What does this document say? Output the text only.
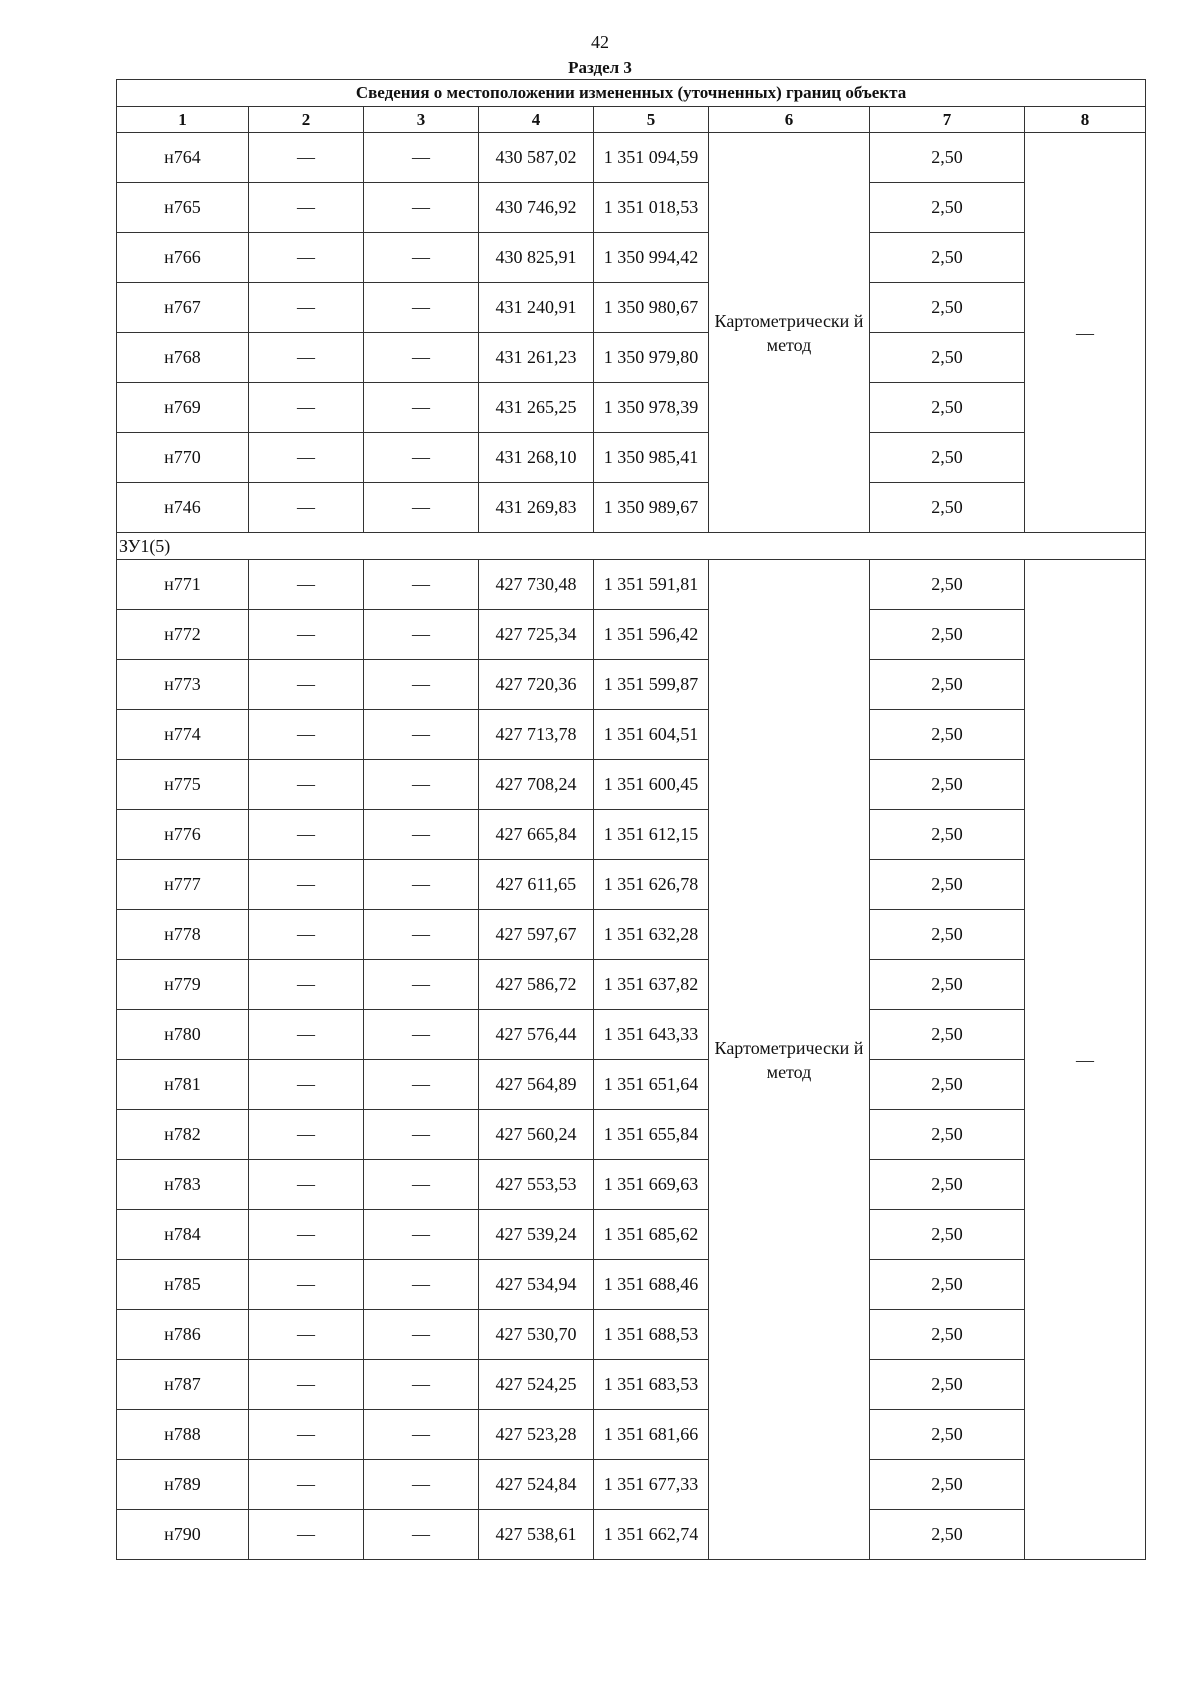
42
Раздел 3
Сведения о местоположении измененных (уточненных) границ объекта							
1	2	3	4	5	6	7	8
н764	—	—	430 587,02	1 351 094,59	Картометрически й метод	2,50	—
н765	—	—	430 746,92	1 351 018,53		2,50	
н766	—	—	430 825,91	1 350 994,42		2,50	
н767	—	—	431 240,91	1 350 980,67		2,50	
н768	—	—	431 261,23	1 350 979,80		2,50	
н769	—	—	431 265,25	1 350 978,39		2,50	
н770	—	—	431 268,10	1 350 985,41		2,50	
н746	—	—	431 269,83	1 350 989,67		2,50	
ЗУ1(5)							
н771	—	—	427 730,48	1 351 591,81	Картометрически й метод	2,50	—
н772	—	—	427 725,34	1 351 596,42		2,50	
н773	—	—	427 720,36	1 351 599,87		2,50	
н774	—	—	427 713,78	1 351 604,51		2,50	
н775	—	—	427 708,24	1 351 600,45		2,50	
н776	—	—	427 665,84	1 351 612,15		2,50	
н777	—	—	427 611,65	1 351 626,78		2,50	
н778	—	—	427 597,67	1 351 632,28		2,50	
н779	—	—	427 586,72	1 351 637,82		2,50	
н780	—	—	427 576,44	1 351 643,33		2,50	
н781	—	—	427 564,89	1 351 651,64		2,50	
н782	—	—	427 560,24	1 351 655,84		2,50	
н783	—	—	427 553,53	1 351 669,63		2,50	
н784	—	—	427 539,24	1 351 685,62		2,50	
н785	—	—	427 534,94	1 351 688,46		2,50	
н786	—	—	427 530,70	1 351 688,53		2,50	
н787	—	—	427 524,25	1 351 683,53		2,50	
н788	—	—	427 523,28	1 351 681,66		2,50	
н789	—	—	427 524,84	1 351 677,33		2,50	
н790	—	—	427 538,61	1 351 662,74		2,50	
